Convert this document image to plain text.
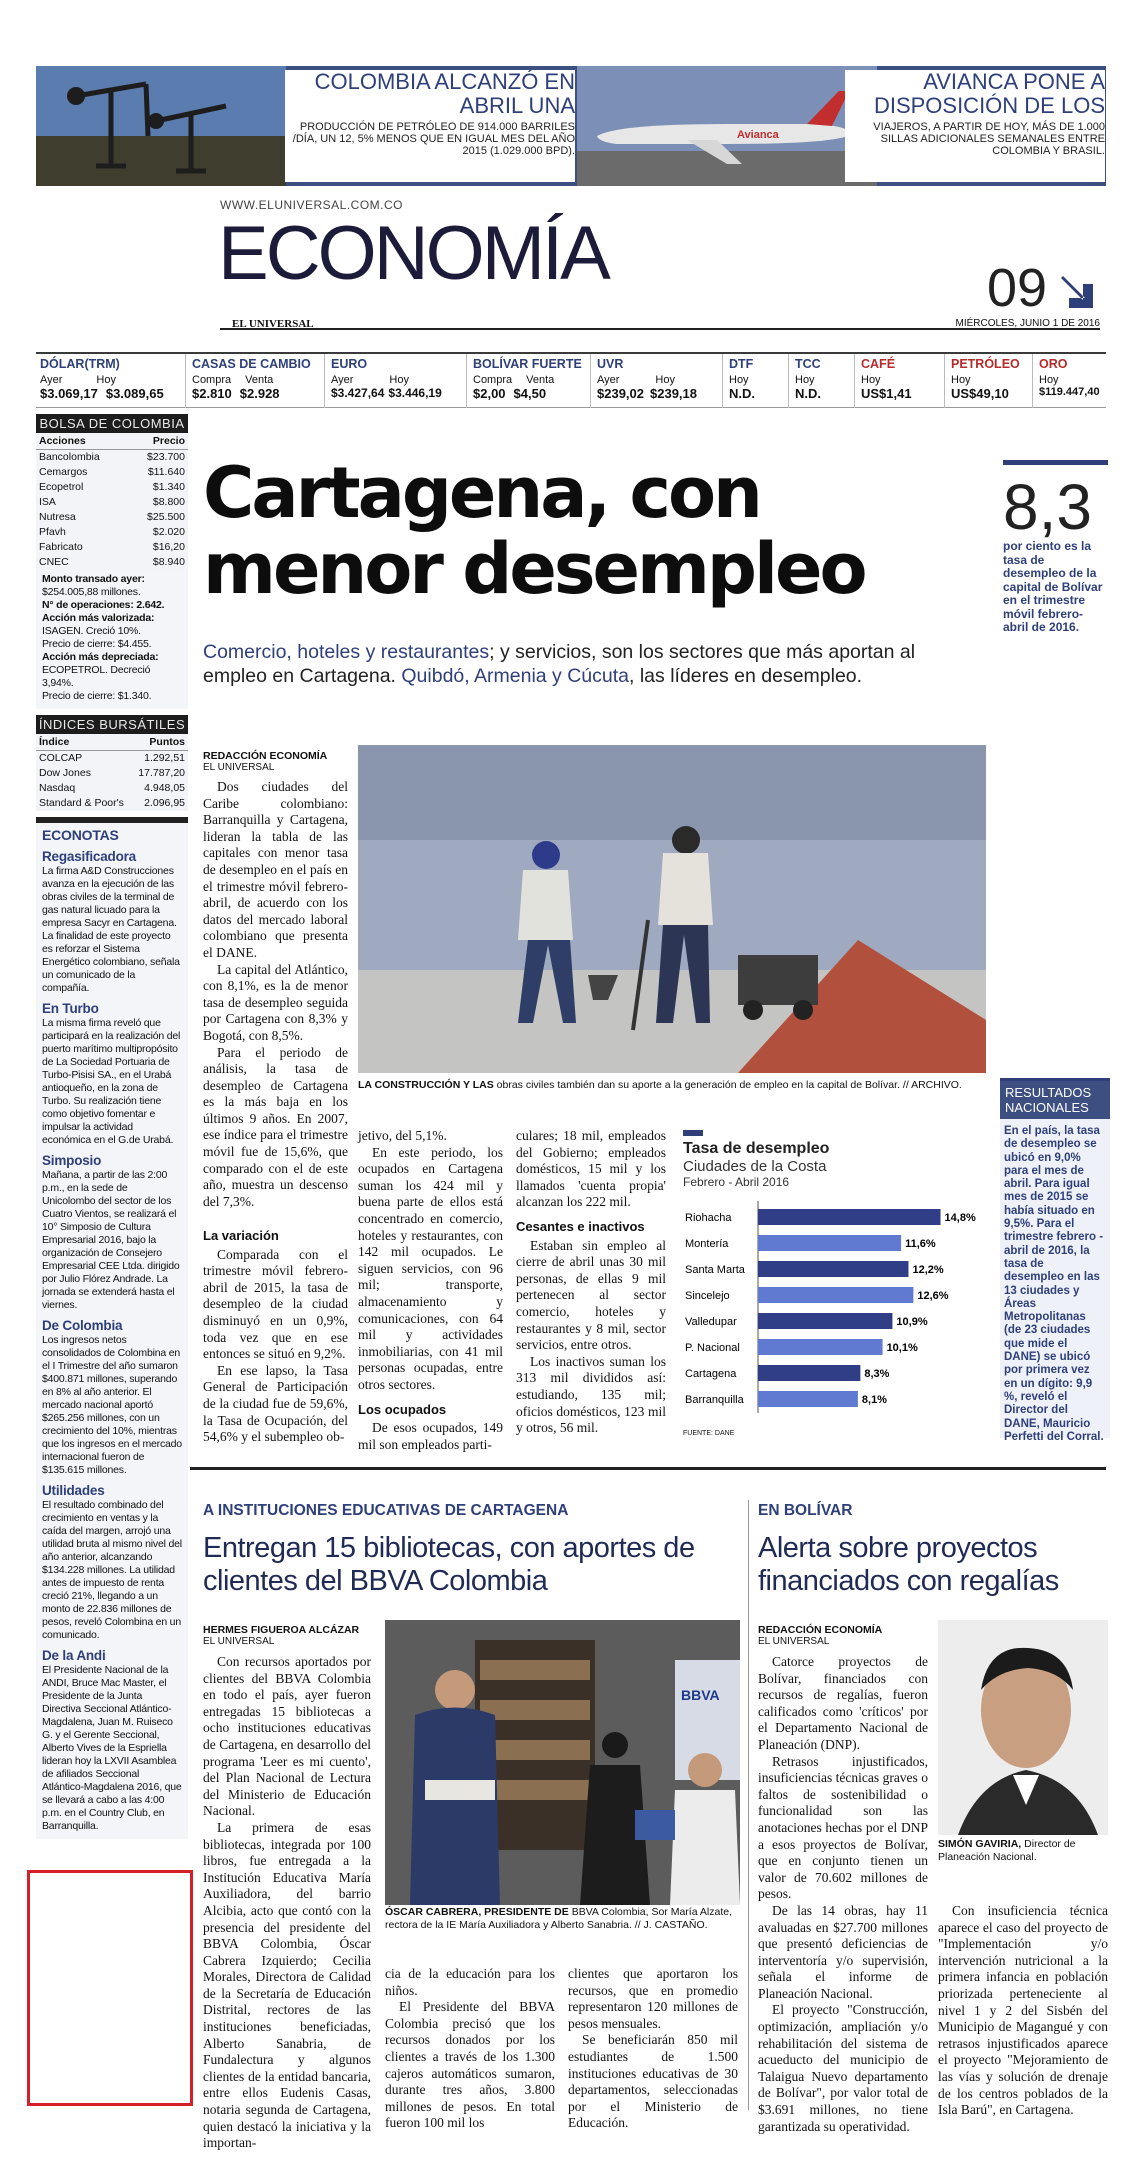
Avianca
COLOMBIA ALCANZÓ EN ABRIL UNA
PRODUCCIÓN DE PETRÓLEO DE 914.000 BARRILES /DÍA, UN 12, 5% MENOS QUE EN IGUAL MES DEL AÑO 2015 (1.029.000 BPD).
AVIANCA PONE A DISPOSICIÓN DE LOS
VIAJEROS, A PARTIR DE HOY, MÁS DE 1.000 SILLAS ADICIONALES SEMANALES ENTRE COLOMBIA Y BRASIL.
WWW.ELUNIVERSAL.COM.CO
ECONOMÍA
EL UNIVERSAL
09
MIÉRCOLES, JUNIO 1 DE 2016
DÓLAR(TRM)
Ayer	Hoy
$3.069,17 $3.089,65
CASAS DE CAMBIO
Compra Venta
$2.810 $2.928
EURO
Ayer	Hoy
$3.427,64 $3.446,19
BOLÍVAR FUERTE
Compra Venta
$2,00 $4,50
UVR
Ayer	Hoy
$239,02 $239,18
DTF
Hoy
N.D.
TCC
Hoy
N.D.
CAFÉ
Hoy
US$1,41
PETRÓLEO
Hoy
US$49,10
ORO
Hoy
$119.447,40
BOLSA DE COLOMBIA
Acciones	Precio
Bancolombia	$23.700
Cemargos	$11.640
Ecopetrol	$1.340
ISA	$8.800
Nutresa	$25.500
Pfavh	$2.020
Fabricato	$16,20
CNEC	$8.940
Monto transado ayer:
$254.005,88 millones.
N° de operaciones: 2.642.
Acción más valorizada:
ISAGEN. Creció 10%.
Precio de cierre: $4.455.
Acción más depreciada:
ECOPETROL. Decreció 3,94%.
Precio de cierre: $1.340.
ÍNDICES BURSÁTILES
Índice	Puntos
COLCAP	1.292,51
Dow Jones	17.787,20
Nasdaq	4.948,05
Standard & Poor's	2.096,95
ECONOTAS
Regasificadora
La firma A&D Construcciones avanza en la ejecución de las obras civiles de la terminal de gas natural licuado para la empresa Sacyr en Cartagena. La finalidad de este proyecto es reforzar el Sistema Energético colombiano, señala un comunicado de la compañía.
En Turbo
La misma firma reveló que participará en la realización del puerto marítimo multipropósito de La Sociedad Portuaria de Turbo-Pisisi SA., en el Urabá antioqueño, en la zona de Turbo. Su realización tiene como objetivo fomentar e impulsar la actividad económica en el G.de Urabá.
Simposio
Mañana, a partir de las 2:00 p.m., en la sede de Unicolombo del sector de los Cuatro Vientos, se realizará el 10° Simposio de Cultura Empresarial 2016, bajo la organización de Consejero Empresarial CEE Ltda. dirigido por Julio Flórez Andrade. La jornada se extenderá hasta el viernes.
De Colombia
Los ingresos netos consolidados de Colombina en el I Trimestre del año sumaron $400.871 millones, superando en 8% al año anterior. El mercado nacional aportó $265.256 millones, con un crecimiento del 10%, mientras que los ingresos en el mercado internacional fueron de $135.615 millones.
Utilidades
El resultado combinado del crecimiento en ventas y la caída del margen, arrojó una utilidad bruta al mismo nivel del año anterior, alcanzando $134.228 millones. La utilidad antes de impuesto de renta creció 21%, llegando a un monto de 22.836 millones de pesos, reveló Colombina en un comunicado.
De la Andi
El Presidente Nacional de la ANDI, Bruce Mac Master, el Presidente de la Junta Directiva Seccional Atlántico-Magdalena, Juan M. Ruiseco G. y el Gerente Seccional, Alberto Vives de la Espriella lideran hoy la LXVII Asamblea de afiliados Seccional Atlántico-Magdalena 2016, que se llevará a cabo a las 4:00 p.m. en el Country Club, en Barranquilla.
Cartagena, con
menor desempleo
Comercio, hoteles y restaurantes; y servicios, son los sectores que más aportan al empleo en Cartagena. Quibdó, Armenia y Cúcuta, las líderes en desempleo.
8,3
por ciento es la tasa de desempleo de la capital de Bolívar en el trimestre móvil febrero-abril de 2016.
REDACCIÓN ECONOMÍA
EL UNIVERSAL

Dos ciudades del Caribe colombiano: Barranquilla y Cartagena, lideran la tabla de las capitales con menor tasa de desempleo en el país en el trimestre móvil febrero-abril, de acuerdo con los datos del mercado laboral colombiano que presenta el DANE.

La capital del Atlántico, con 8,1%, es la de menor tasa de desempleo seguida por Cartagena con 8,3% y Bogotá, con 8,5%.

Para el periodo de análisis, la tasa de desempleo de Cartagena es la más baja en los últimos 9 años. En 2007, ese índice para el trimestre móvil fue de 15,6%, que comparado con el de este año, muestra un descenso del 7,3%.

La variación

Comparada con el trimestre móvil febrero-abril de 2015, la tasa de desempleo de la ciudad disminuyó en un 0,9%, toda vez que en ese entonces se situó en 9,2%.

En ese lapso, la Tasa General de Participación de la ciudad fue de 59,6%, la Tasa de Ocupación, del 54,6% y el subempleo ob-

LA CONSTRUCCIÓN Y LAS obras civiles también dan su aporte a la generación de empleo en la capital de Bolívar. // ARCHIVO.

jetivo, del 5,1%.

En este periodo, los ocupados en Cartagena suman los 424 mil y buena parte de ellos está concentrado en comercio, hoteles y restaurantes, con 142 mil ocupados. Le siguen servicios, con 96 mil; transporte, almacenamiento y comunicaciones, con 64 mil y actividades inmobiliarias, con 41 mil personas ocupadas, entre otros sectores.

Los ocupados

De esos ocupados, 149 mil son empleados parti-

culares; 18 mil, empleados del Gobierno; empleados domésticos, 15 mil y los llamados 'cuenta propia' alcanzan los 222 mil.

Cesantes e inactivos

Estaban sin empleo al cierre de abril unas 30 mil personas, de ellas 9 mil pertenecen al sector comercio, hoteles y restaurantes y 8 mil, sector servicios, entre otros.

Los inactivos suman los 313 mil divididos así: estudiando, 135 mil; oficios domésticos, 123 mil y otros, 56 mil.

Tasa de desempleo
Ciudades de la Costa
Febrero - Abril 2016
Riohacha	14,8%
Montería	11,6%
Santa Marta	12,2%
Sincelejo	12,6%
Valledupar	10,9%
P. Nacional	10,1%
Cartagena	8,3%
Barranquilla	8,1%
FUENTE: DANE
RESULTADOS NACIONALES
En el país, la tasa de desempleo se ubicó en 9,0% para el mes de abril. Para igual mes de 2015 se había situado en 9,5%. Para el trimestre febrero - abril de 2016, la tasa de desempleo en las 13 ciudades y Áreas Metropolitanas (de 23 ciudades que mide el DANE) se ubicó por primera vez en un dígito: 9,9 %, reveló el Director del DANE, Mauricio Perfetti del Corral.
A INSTITUCIONES EDUCATIVAS DE CARTAGENA
Entregan 15 bibliotecas, con aportes de clientes del BBVA Colombia
HERMES FIGUEROA ALCÁZAR
EL UNIVERSAL

Con recursos aportados por clientes del BBVA Colombia en todo el país, ayer fueron entregadas 15 bibliotecas a ocho instituciones educativas de Cartagena, en desarrollo del programa 'Leer es mi cuento', del Plan Nacional de Lectura del Ministerio de Educación Nacional.

La primera de esas bibliotecas, integrada por 100 libros, fue entregada a la Institución Educativa María Auxiliadora, del barrio Alcibia, acto que contó con la presencia del presidente del BBVA Colombia, Óscar Cabrera Izquierdo; Cecilia Morales, Directora de Calidad de la Secretaría de Educación Distrital, rectores de las instituciones beneficiadas, Alberto Sanabria, de Fundalectura y algunos clientes de la entidad bancaria, entre ellos Eudenis Casas, notaria segunda de Cartagena, quien destacó la iniciativa y la importan-

BBVA
ÓSCAR CABRERA, PRESIDENTE DE BBVA Colombia, Sor María Alzate, rectora de la IE María Auxiliadora y Alberto Sanabria. // J. CASTAÑO.

cia de la educación para los niños.

El Presidente del BBVA Colombia precisó que los recursos donados por los clientes a través de los 1.300 cajeros automáticos sumaron, durante tres años, 3.800 millones de pesos. En total fueron 100 mil los

clientes que aportaron los recursos, que en promedio representaron 120 millones de pesos mensuales.

Se beneficiarán 850 mil estudiantes de 1.500 instituciones educativas de 30 departamentos, seleccionadas por el Ministerio de Educación.

EN BOLÍVAR
Alerta sobre proyectos financiados con regalías
REDACCIÓN ECONOMÍA
EL UNIVERSAL

Catorce proyectos de Bolívar, financiados con recursos de regalías, fueron calificados como 'críticos' por el Departamento Nacional de Planeación (DNP).

Retrasos injustificados, insuficiencias técnicas graves o faltos de sostenibilidad o funcionalidad son las anotaciones hechas por el DNP a esos proyectos de Bolívar, que en conjunto tienen un valor de 70.602 millones de pesos.

De las 14 obras, hay 11 avaluadas en $27.700 millones que presentó deficiencias de interventoría y/o supervisión, señala el informe de Planeación Nacional.

El proyecto "Construcción, optimización, ampliación y/o rehabilitación del sistema de acueducto del municipio de Talaigua Nuevo departamento de Bolívar", por valor total de $3.691 millones, no tiene garantizada su operatividad.

SIMÓN GAVIRIA, Director de Planeación Nacional.

Con insuficiencia técnica aparece el caso del proyecto de "Implementación y/o intervención nutricional a la primera infancia en población priorizada perteneciente al nivel 1 y 2 del Sisbén del Municipio de Magangué y con retrasos injustificados aparece el proyecto "Mejoramiento de las vías y solución de drenaje de los centros poblados de la Isla Barú", en Cartagena.
